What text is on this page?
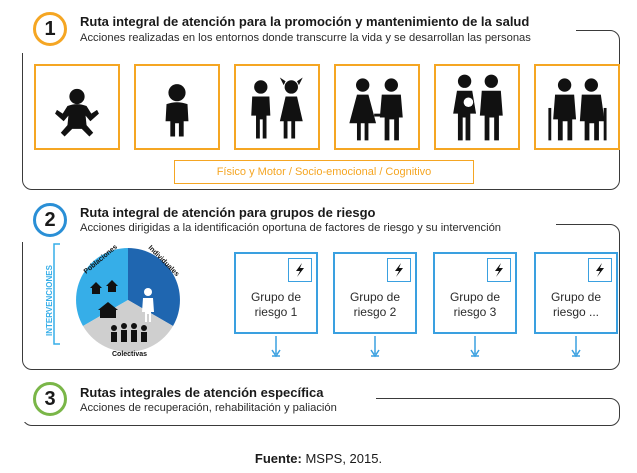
1	Ruta integral de atención para la promoción y mantenimiento de la salud
Acciones realizadas en los entornos donde transcurre la vida y se desarrollan las personas
Físico y Motor / Socio-emocional / Cognitivo
2	Ruta integral de atención para grupos de riesgo
Acciones dirigidas a la identificación oportuna de factores de riesgo y su intervención
INTERVENCIONES
Poblaciones	Individuales
Colectivas
Grupo de
riesgo 1
Grupo de
riesgo 2
Grupo de
riesgo 3
Grupo de
riesgo ...
3	Rutas integrales de atención específica
Acciones de recuperación, rehabilitación y paliación
Fuente: MSPS, 2015.
